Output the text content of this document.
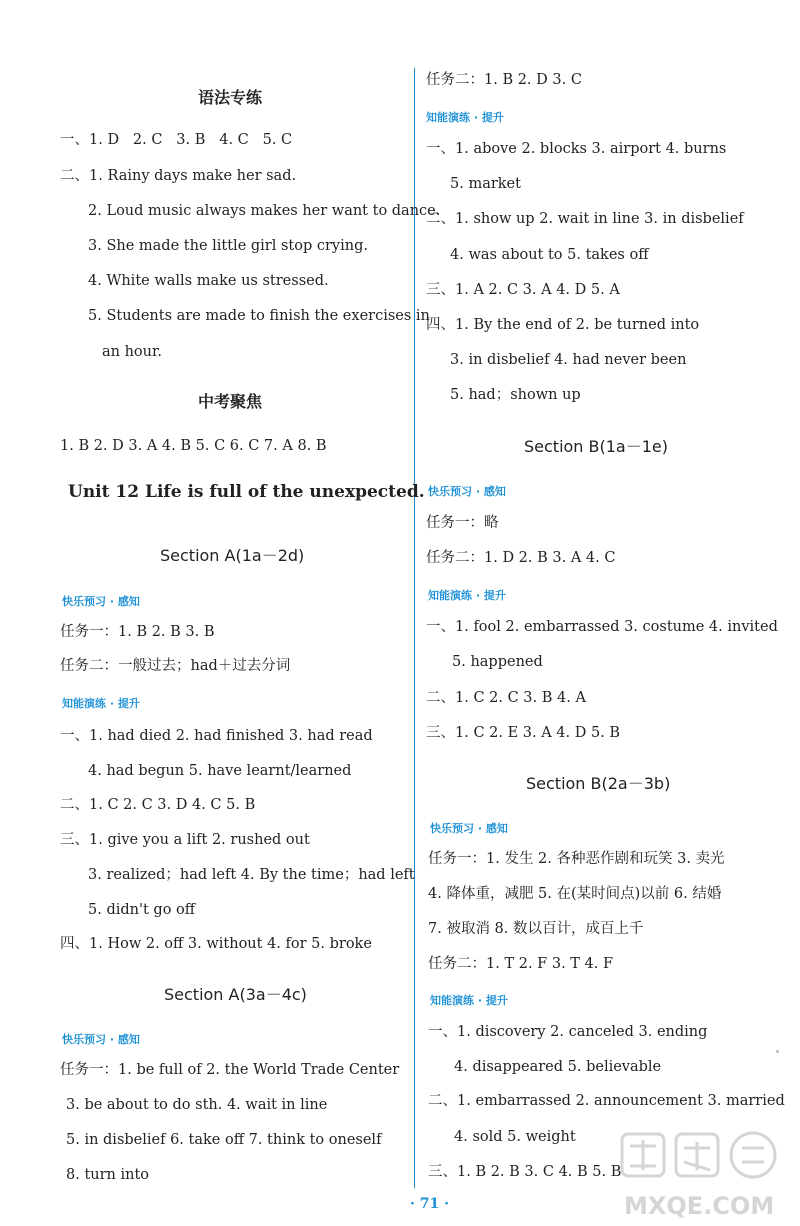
语法专练
一、1. D 2. C 3. B 4. C 5. C
二、1. Rainy days make her sad.
2. Loud music always makes her want to dance.
3. She made the little girl stop crying.
4. White walls make us stressed.
5. Students are made to finish the exercises in
an hour.
中考聚焦
1. B 2. D 3. A 4. B 5. C 6. C 7. A 8. B
Unit 12 Life is full of the unexpected.
Section A(1a－2d)
快乐预习 · 感知
任务一：1. B 2. B 3. B
任务二：一般过去；had＋过去分词
知能演练 · 提升
一、1. had died 2. had finished 3. had read
4. had begun 5. have learnt/learned
二、1. C 2. C 3. D 4. C 5. B
三、1. give you a lift 2. rushed out
3. realized；had left 4. By the time；had left
5. didn't go off
四、1. How 2. off 3. without 4. for 5. broke
Section A(3a－4c)
快乐预习 · 感知
任务一：1. be full of 2. the World Trade Center
3. be about to do sth. 4. wait in line
5. in disbelief 6. take off 7. think to oneself
8. turn into
任务二：1. B 2. D 3. C
知能演练 · 提升
一、1. above 2. blocks 3. airport 4. burns
5. market
二、1. show up 2. wait in line 3. in disbelief
4. was about to 5. takes off
三、1. A 2. C 3. A 4. D 5. A
四、1. By the end of 2. be turned into
3. in disbelief 4. had never been
5. had；shown up
Section B(1a－1e)
快乐预习 · 感知
任务一：略
任务二：1. D 2. B 3. A 4. C
知能演练 · 提升
一、1. fool 2. embarrassed 3. costume 4. invited
5. happened
二、1. C 2. C 3. B 4. A
三、1. C 2. E 3. A 4. D 5. B
Section B(2a－3b)
快乐预习 · 感知
任务一：1. 发生 2. 各种恶作剧和玩笑 3. 卖光
4. 降体重，减肥 5. 在(某时间点)以前 6. 结婚
7. 被取消 8. 数以百计，成百上千
任务二：1. T 2. F 3. T 4. F
知能演练 · 提升
一、1. discovery 2. canceled 3. ending
4. disappeared 5. believable
二、1. embarrassed 2. announcement 3. married
4. sold 5. weight
三、1. B 2. B 3. C 4. B 5. B
· 71 ·	MXQE.COM
